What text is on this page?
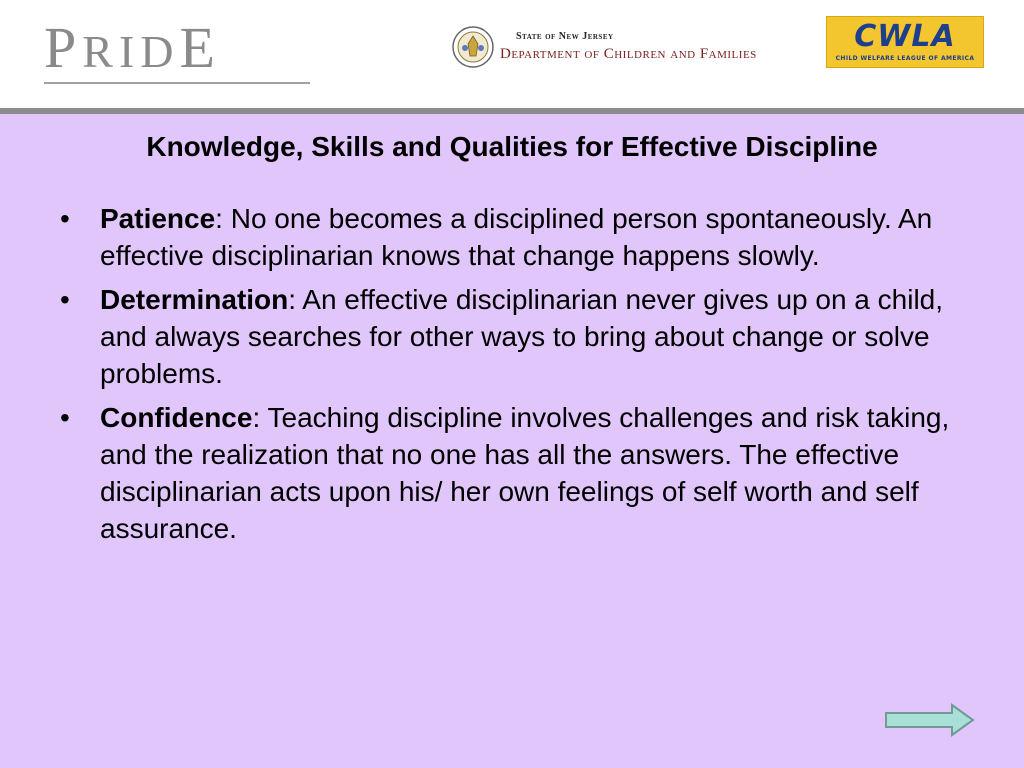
PRIDE	State of New Jersey
Department of Children and Families	CWLA
CHILD WELFARE LEAGUE OF AMERICA
Knowledge, Skills and Qualities for Effective Discipline
• Patience: No one becomes a disciplined person spontaneously. An effective disciplinarian knows that change happens slowly.
• Determination: An effective disciplinarian never gives up on a child, and always searches for other ways to bring about change or solve problems.
• Confidence: Teaching discipline involves challenges and risk taking, and the realization that no one has all the answers. The effective disciplinarian acts upon his/ her own feelings of self worth and self assurance.
